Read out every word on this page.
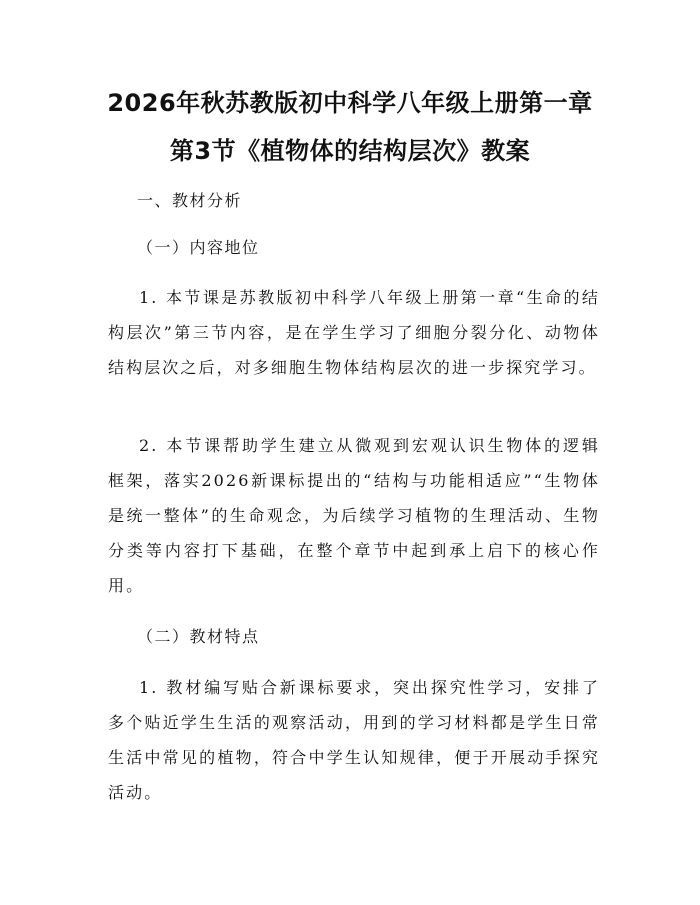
2026年秋苏教版初中科学八年级上册第一章
第3节《植物体的结构层次》教案
一、教材分析
（一）内容地位

1. 本节课是苏教版初中科学八年级上册第一章“生命的结构层次”第三节内容，是在学生学习了细胞分裂分化、动物体结构层次之后，对多细胞生物体结构层次的进一步探究学习。

2. 本节课帮助学生建立从微观到宏观认识生物体的逻辑框架，落实2026新课标提出的“结构与功能相适应”“生物体是统一整体”的生命观念，为后续学习植物的生理活动、生物分类等内容打下基础，在整个章节中起到承上启下的核心作用。

（二）教材特点

1. 教材编写贴合新课标要求，突出探究性学习，安排了多个贴近学生生活的观察活动，用到的学习材料都是学生日常生活中常见的植物，符合中学生认知规律，便于开展动手探究活动。
